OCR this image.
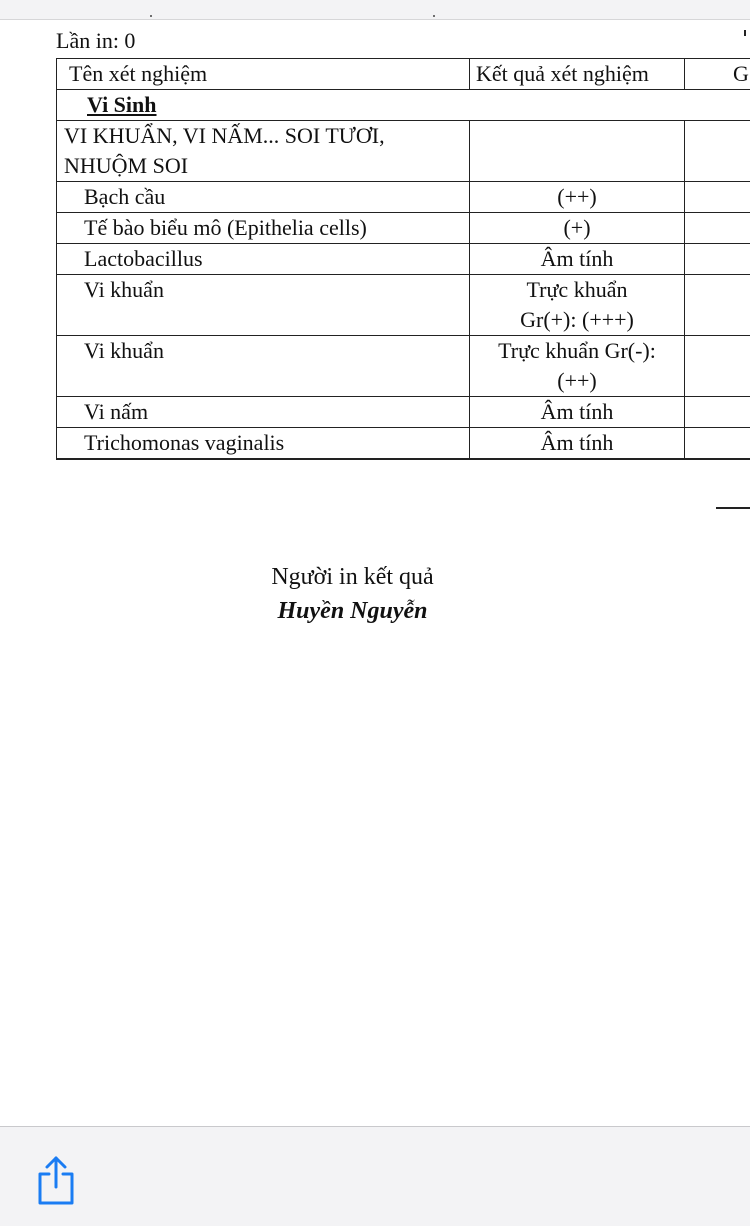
Lần in: 0
Tên xét nghiệm	Kết quả xét nghiệm	G
Vi Sinh		

VI KHUẨN, VI NẤM... SOI TƯƠI,
NHUỘM SOI		

Bạch cầu	(++)	
Tế bào biểu mô (Epithelia cells)	(+)	
Lactobacillus	Âm tính	
Vi khuẩn	Trực khuẩn
Gr(+): (+++)	

Vi khuẩn	Trực khuẩn Gr(-):
(++)	

Vi nấm	Âm tính	
Trichomonas vaginalis	Âm tính	
Người in kết quả
Huyền Nguyễn
